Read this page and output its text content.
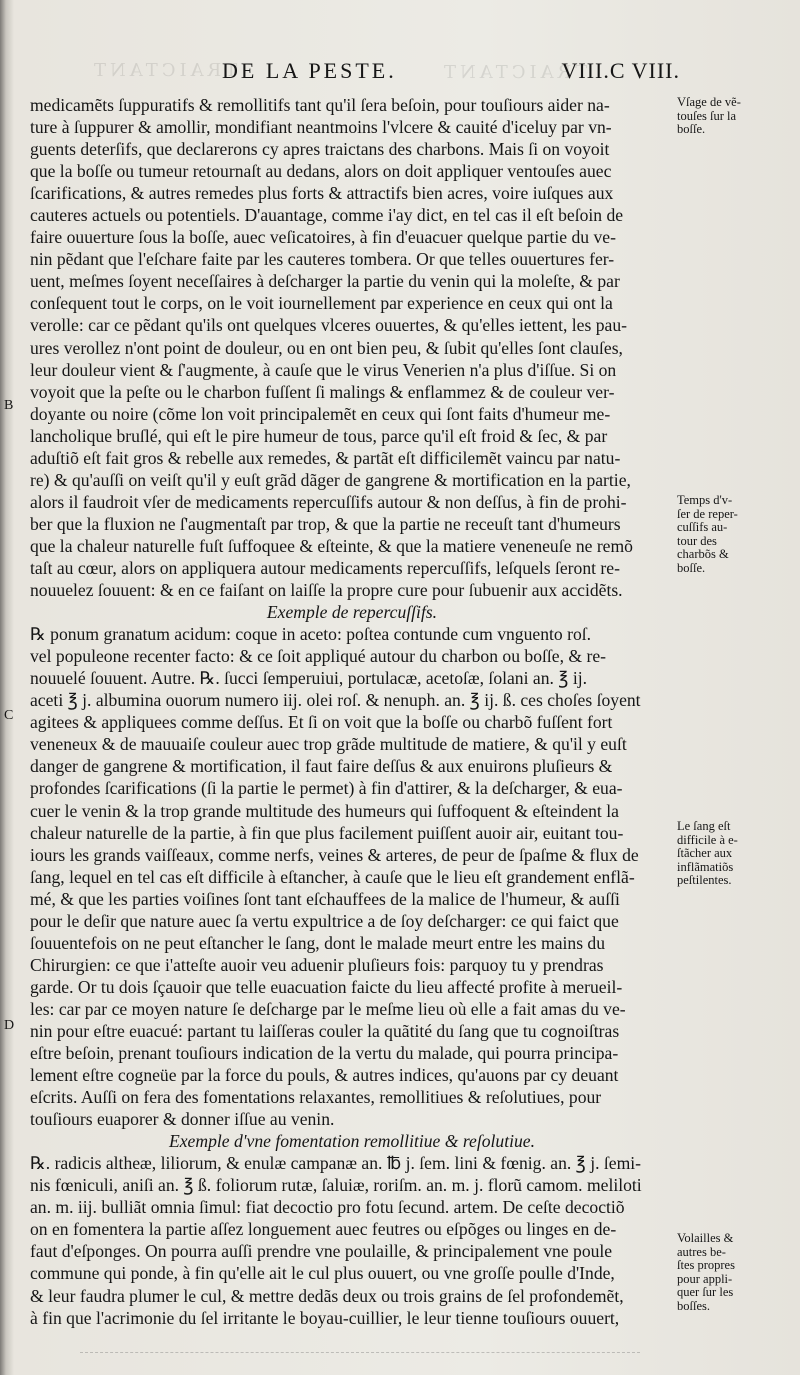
TRAICTANT	TRAICTANT
DE LA PESTE.	VIII.C VIII.
B
C
D
medicamẽts ſuppuratifs & remollitifs tant qu'il ſera beſoin, pour touſiours aider na-
ture à ſuppurer & amollir, mondifiant neantmoins l'vlcere & cauité d'iceluy par vn-
guents deterſifs, que declarerons cy apres traictans des charbons. Mais ſi on voyoit
que la boſſe ou tumeur retournaſt au dedans, alors on doit appliquer ventouſes auec
ſcarifications, & autres remedes plus forts & attractifs bien acres, voire iuſques aux
cauteres actuels ou potentiels. D'auantage, comme i'ay dict, en tel cas il eſt beſoin de
faire ouuerture ſous la boſſe, auec veſicatoires, à fin d'euacuer quelque partie du ve-
nin pẽdant que l'eſchare faite par les cauteres tombera. Or que telles ouuertures fer-
uent, meſmes ſoyent neceſſaires à deſcharger la partie du venin qui la moleſte, & par
conſequent tout le corps, on le voit iournellement par experience en ceux qui ont la
verolle: car ce pẽdant qu'ils ont quelques vlceres ouuertes, & qu'elles iettent, les pau-
ures verollez n'ont point de douleur, ou en ont bien peu, & ſubit qu'elles ſont clauſes,
leur douleur vient & ſ'augmente, à cauſe que le virus Venerien n'a plus d'iſſue. Si on
voyoit que la peſte ou le charbon fuſſent ſi malings & enflammez & de couleur ver-
doyante ou noire (cõme lon voit principalemẽt en ceux qui ſont faits d'humeur me-
lancholique bruſlé, qui eſt le pire humeur de tous, parce qu'il eſt froid & ſec, & par
aduſtiõ eſt fait gros & rebelle aux remedes, & partãt eſt difficilemẽt vaincu par natu-
re) & qu'auſſi on veiſt qu'il y euſt grãd dãger de gangrene & mortification en la partie,
alors il faudroit vſer de medicaments repercuſſifs autour & non deſſus, à fin de prohi-
ber que la fluxion ne ſ'augmentaſt par trop, & que la partie ne receuſt tant d'humeurs
que la chaleur naturelle fuſt ſuffoquee & eſteinte, & que la matiere veneneuſe ne remõ
taſt au cœur, alors on appliquera autour medicaments repercuſſifs, leſquels ſeront re-
nouuelez ſouuent: & en ce faiſant on laiſſe la propre cure pour ſubuenir aux accidẽts.
Exemple de repercuſſifs.
℞ ponum granatum acidum: coque in aceto: poſtea contunde cum vnguento roſ.
vel populeone recenter facto: & ce ſoit appliqué autour du charbon ou boſſe, & re-
nouuelé ſouuent. Autre. ℞. ſucci ſemperuiui, portulacæ, acetoſæ, ſolani an. ℥ ij.
aceti ℥ j. albumina ouorum numero iij. olei roſ. & nenuph. an. ℥ ij. ß. ces choſes ſoyent
agitees & appliquees comme deſſus. Et ſi on voit que la boſſe ou charbõ fuſſent fort
veneneux & de mauuaiſe couleur auec trop grãde multitude de matiere, & qu'il y euſt
danger de gangrene & mortification, il faut faire deſſus & aux enuirons pluſieurs &
profondes ſcarifications (ſi la partie le permet) à fin d'attirer, & la deſcharger, & eua-
cuer le venin & la trop grande multitude des humeurs qui ſuffoquent & eſteindent la
chaleur naturelle de la partie, à fin que plus facilement puiſſent auoir air, euitant tou-
iours les grands vaiſſeaux, comme nerfs, veines & arteres, de peur de ſpaſme & flux de
ſang, lequel en tel cas eſt difficile à eſtancher, à cauſe que le lieu eſt grandement enflã-
mé, & que les parties voiſines ſont tant eſchauffees de la malice de l'humeur, & auſſi
pour le deſir que nature auec ſa vertu expultrice a de ſoy deſcharger: ce qui faict que
ſouuentefois on ne peut eſtancher le ſang, dont le malade meurt entre les mains du
Chirurgien: ce que i'atteſte auoir veu aduenir pluſieurs fois: parquoy tu y prendras
garde. Or tu dois ſçauoir que telle euacuation faicte du lieu affecté profite à merueil-
les: car par ce moyen nature ſe deſcharge par le meſme lieu où elle a fait amas du ve-
nin pour eſtre euacué: partant tu laiſſeras couler la quãtité du ſang que tu cognoiſtras
eſtre beſoin, prenant touſiours indication de la vertu du malade, qui pourra principa-
lement eſtre cogneüe par la force du pouls, & autres indices, qu'auons par cy deuant
eſcrits. Auſſi on fera des fomentations relaxantes, remollitiues & reſolutiues, pour
touſiours euaporer & donner iſſue au venin.
Exemple d'vne fomentation remollitiue & reſolutiue.
℞. radicis altheæ, liliorum, & enulæ campanæ an. ℔ j. ſem. lini & fœnig. an. ℥ j. ſemi-
nis fœniculi, aniſi an. ℥ ß. foliorum rutæ, ſaluiæ, roriſm. an. m. j. florũ camom. meliloti
an. m. iij. bulliãt omnia ſimul: fiat decoctio pro fotu ſecund. artem. De ceſte decoctiõ
on en fomentera la partie aſſez longuement auec feutres ou eſpõges ou linges en de-
faut d'eſponges. On pourra auſſi prendre vne poulaille, & principalement vne poule
commune qui ponde, à fin qu'elle ait le cul plus ouuert, ou vne groſſe poulle d'Inde,
& leur faudra plumer le cul, & mettre dedãs deux ou trois grains de ſel profondemẽt,
à fin que l'acrimonie du ſel irritante le boyau-cuillier, le leur tienne touſiours ouuert,
Vſage de vẽ-
touſes ſur la
boſſe.
Temps d'v-
ſer de reper-
cuſſifs au-
tour des
charbõs &
boſſe.
Le ſang eſt
difficile à e-
ſtãcher aux
inflãmatiõs
peſtilentes.
Volailles &
autres be-
ſtes propres
pour appli-
quer ſur les
boſſes.
